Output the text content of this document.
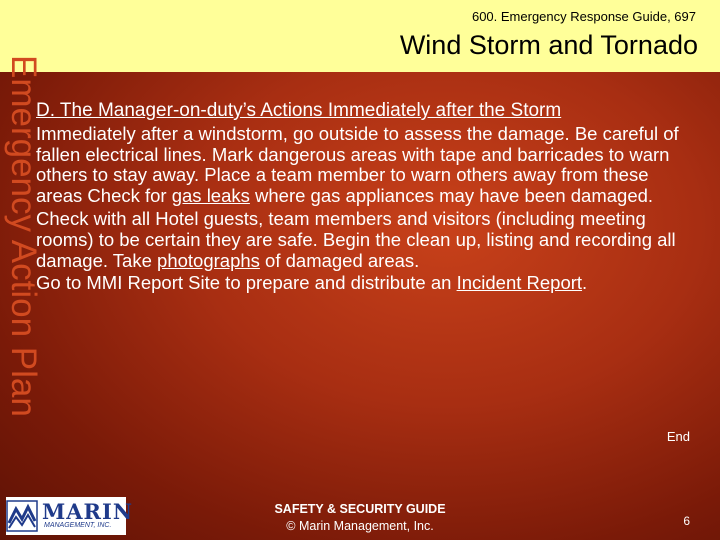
600. Emergency Response Guide, 697
Wind Storm and Tornado
Emergency Action Plan

D. The Manager-on-duty’s Actions Immediately after the Storm

Immediately after a windstorm, go outside to assess the damage. Be careful of fallen electrical lines. Mark dangerous areas with tape and barricades to warn others to stay away. Place a team member to warn others away from these areas Check for gas leaks where gas appliances may have been damaged.

Check with all Hotel guests, team members and visitors (including meeting rooms) to be certain they are safe. Begin the clean up, listing and recording all damage. Take photographs of damaged areas.

Go to MMI Report Site to prepare and distribute an Incident Report.

End
MARIN
MANAGEMENT, INC.
SAFETY & SECURITY GUIDE
© Marin Management, Inc.	6
